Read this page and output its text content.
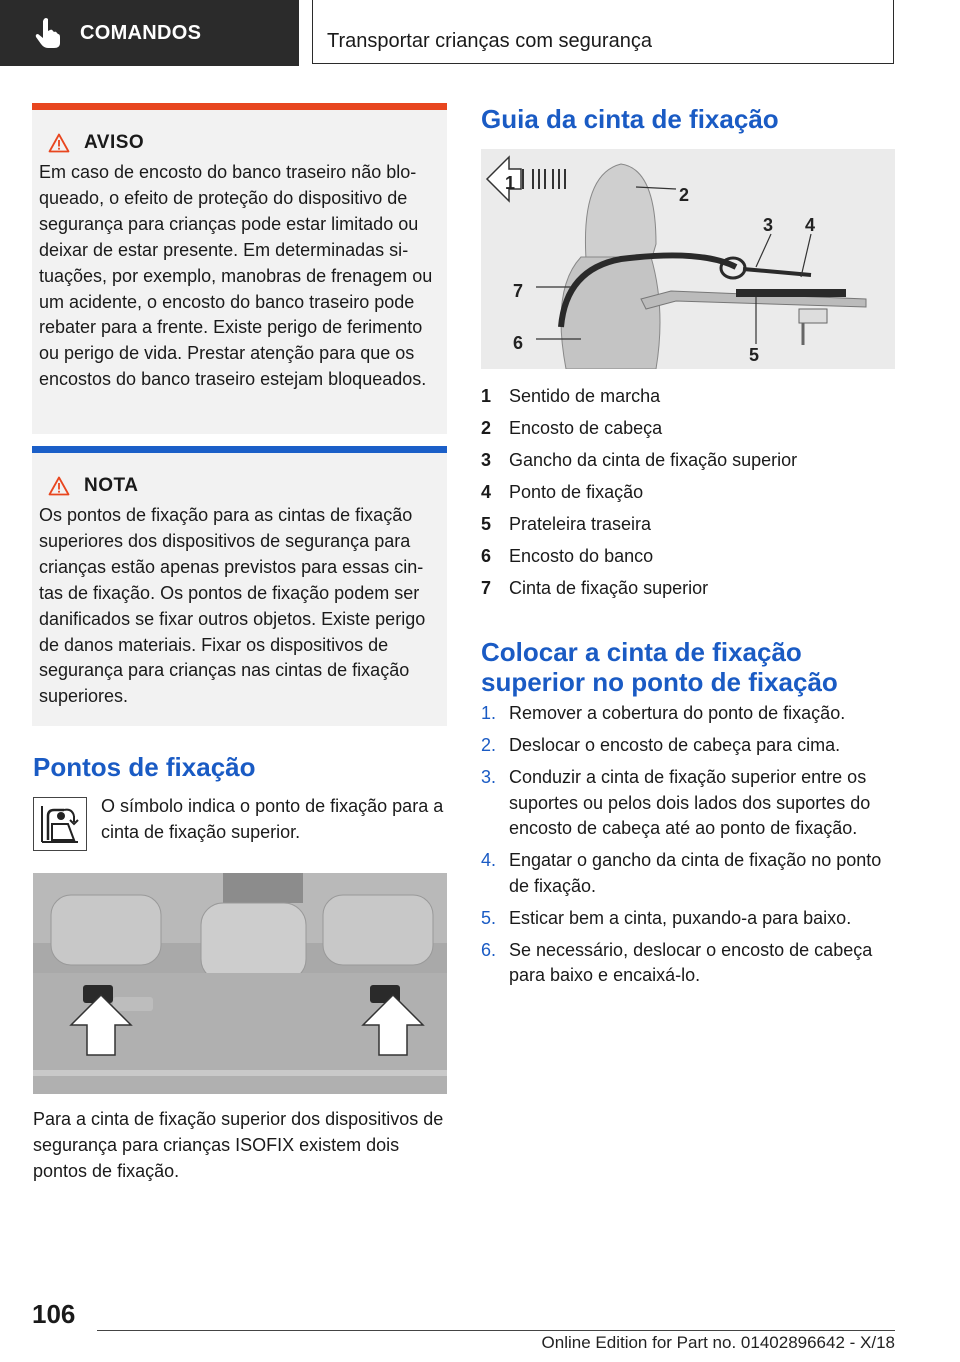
COMANDOS	Transportar crianças com segurança
AVISO
Em caso de encosto do banco traseiro não bloqueado, o efeito de proteção do dispositivo de segurança para crianças pode estar limitado ou deixar de estar presente. Em determinadas situações, por exemplo, manobras de frenagem ou um acidente, o encosto do banco traseiro pode rebater para a frente. Existe perigo de ferimento ou perigo de vida. Prestar atenção para que os encostos do banco traseiro estejam bloqueados.
NOTA
Os pontos de fixação para as cintas de fixação superiores dos dispositivos de segurança para crianças estão apenas previstos para essas cintas de fixação. Os pontos de fixação podem ser danificados se fixar outros objetos. Existe perigo de danos materiais. Fixar os dispositivos de segurança para crianças nas cintas de fixação superiores.
Pontos de fixação
O símbolo indica o ponto de fixação para a cinta de fixação superior.
Para a cinta de fixação superior dos dispositivos de segurança para crianças ISOFIX existem dois pontos de fixação.
Guia da cinta de fixação
1
2
3 4
5
6
7
1 Sentido de marcha
2 Encosto de cabeça
3 Gancho da cinta de fixação superior
4 Ponto de fixação
5 Prateleira traseira
6 Encosto do banco
7 Cinta de fixação superior
Colocar a cinta de fixação superior no ponto de fixação
1. Remover a cobertura do ponto de fixação.
2. Deslocar o encosto de cabeça para cima.
3. Conduzir a cinta de fixação superior entre os suportes ou pelos dois lados dos suportes do encosto de cabeça até ao ponto de fixação.
4. Engatar o gancho da cinta de fixação no ponto de fixação.
5. Esticar bem a cinta, puxando-a para baixo.
6. Se necessário, deslocar o encosto de cabeça para baixo e encaixá-lo.
106
Online Edition for Part no. 01402896642 - X/18
